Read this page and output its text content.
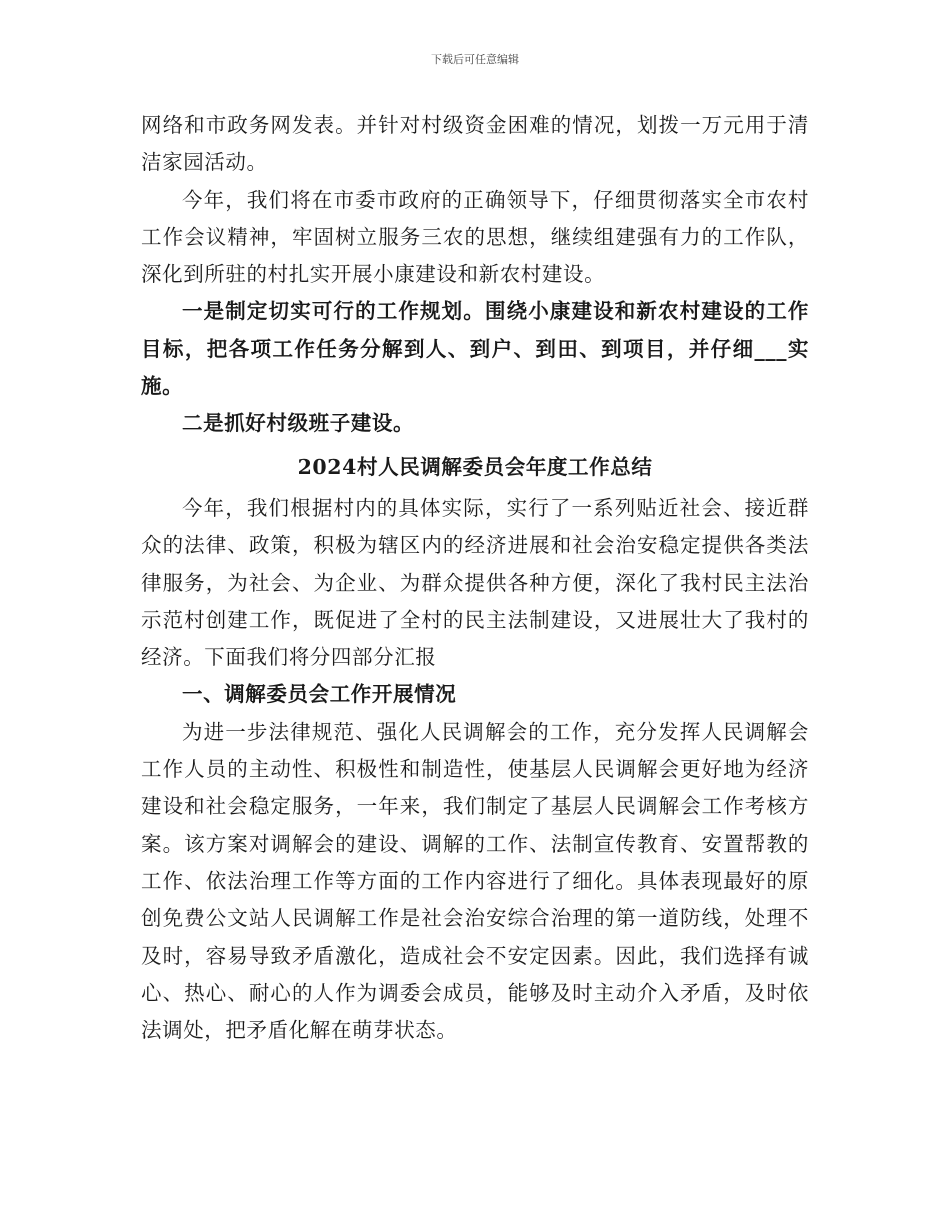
下载后可任意编辑

网络和市政务网发表。并针对村级资金困难的情况，划拨一万元用于清洁家园活动。

今年，我们将在市委市政府的正确领导下，仔细贯彻落实全市农村工作会议精神，牢固树立服务三农的思想，继续组建强有力的工作队，深化到所驻的村扎实开展小康建设和新农村建设。

一是制定切实可行的工作规划。围绕小康建设和新农村建设的工作目标，把各项工作任务分解到人、到户、到田、到项目，并仔细___实施。

二是抓好村级班子建设。

2024村人民调解委员会年度工作总结

今年，我们根据村内的具体实际，实行了一系列贴近社会、接近群众的法律、政策，积极为辖区内的经济进展和社会治安稳定提供各类法律服务，为社会、为企业、为群众提供各种方便，深化了我村民主法治示范村创建工作，既促进了全村的民主法制建设，又进展壮大了我村的经济。下面我们将分四部分汇报

一、调解委员会工作开展情况

为进一步法律规范、强化人民调解会的工作，充分发挥人民调解会工作人员的主动性、积极性和制造性，使基层人民调解会更好地为经济建设和社会稳定服务，一年来，我们制定了基层人民调解会工作考核方案。该方案对调解会的建设、调解的工作、法制宣传教育、安置帮教的工作、依法治理工作等方面的工作内容进行了细化。具体表现最好的原创免费公文站人民调解工作是社会治安综合治理的第一道防线，处理不及时，容易导致矛盾激化，造成社会不安定因素。因此，我们选择有诚心、热心、耐心的人作为调委会成员，能够及时主动介入矛盾，及时依法调处，把矛盾化解在萌芽状态。
